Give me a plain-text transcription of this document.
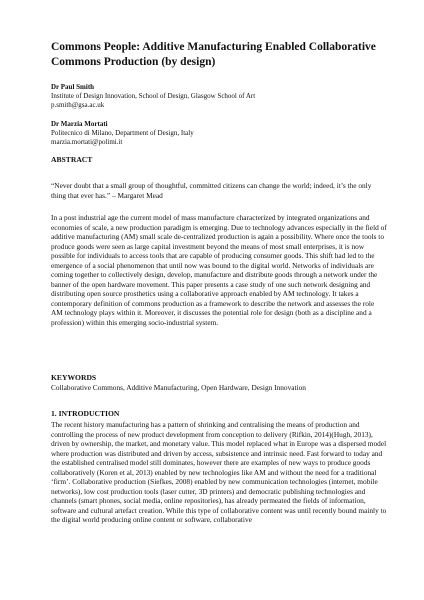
Commons People: Additive Manufacturing Enabled Collaborative Commons Production (by design)
Dr Paul Smith
Institute of Design Innovation, School of Design, Glasgow School of Art
p.smith@gsa.ac.uk
Dr Marzia Mortati
Politecnico di Milano, Department of Design, Italy
marzia.mortati@polimi.it
ABSTRACT

“Never doubt that a small group of thoughtful, committed citizens can change the world; indeed, it’s the only thing that ever has.” – Margaret Mead

In a post industrial age the current model of mass manufacture characterized by integrated organizations and economies of scale, a new production paradigm is emerging. Due to technology advances especially in the field of additive manufacturing (AM) small scale de-centralized production is again a possibility. Where once the tools to produce goods were seen as large capital investment beyond the means of most small enterprises, it is now possible for individuals to access tools that are capable of producing consumer goods. This shift had led to the emergence of a social phenomenon that until now was bound to the digital world. Networks of individuals are coming together to collectively design, develop, manufacture and distribute goods through a network under the banner of the open hardware movement. This paper presents a case study of one such network designing and distributing open source prosthetics using a collaborative approach enabled by AM technology. It takes a contemporary definition of commons production as a framework to describe the network and assesses the role AM technology plays within it. Moreover, it discusses the potential role for design (both as a discipline and a profession) within this emerging socio-industrial system.

KEYWORDS

Collaborative Commons, Additive Manufacturing, Open Hardware, Design Innovation

1. INTRODUCTION

The recent history manufacturing has a pattern of shrinking and centralising the means of production and controlling the process of new product development from conception to delivery (Rifkin, 2014)(Hugh, 2013), driven by ownership, the market, and monetary value. This model replaced what in Europe was a dispersed model where production was distributed and driven by access, subsistence and intrinsic need. Fast forward to today and the established centralised model still dominates, however there are examples of new ways to produce goods collaboratively (Koren et al, 2013) enabled by new technologies like AM and without the need for a traditional ‘firm’. Collaborative production (Siefkes, 2008) enabled by new communication technologies (internet, mobile networks), low cost production tools (laser cutter, 3D printers) and democratic publishing technologies and channels (smart phones, social media, online repositories), has already permeated the fields of information, software and cultural artefact creation. While this type of collaborative content was until recently bound mainly to the digital world producing online content or software, collaborative
